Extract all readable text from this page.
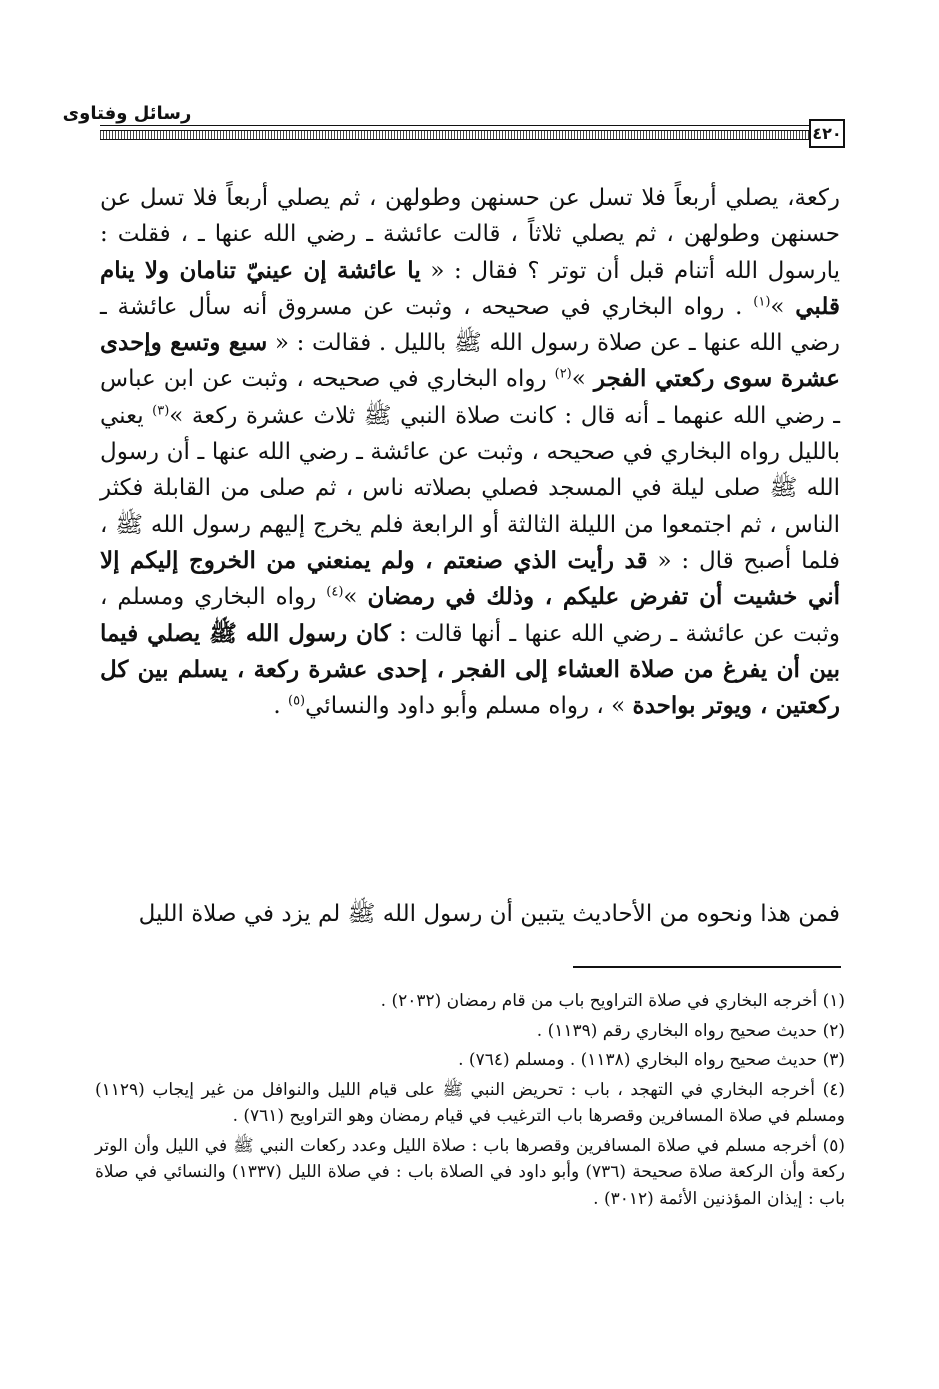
رسائل وفتاوى
٤٢٠

ركعة، يصلي أربعاً فلا تسل عن حسنهن وطولهن ، ثم يصلي أربعاً فلا تسل عن حسنهن وطولهن ، ثم يصلي ثلاثاً ، قالت عائشة ـ رضي الله عنها ـ ، فقلت : يارسول الله أتنام قبل أن توتر ؟ فقال : « يا عائشة إن عينيّ تنامان ولا ينام قلبي »$^{(١)}$ . رواه البخاري في صحيحه ، وثبت عن مسروق أنه سأل عائشة ـ رضي الله عنها ـ عن صلاة رسول الله ﷺ بالليل . فقالت : « سبع وتسع وإحدى عشرة سوى ركعتي الفجر »$^{(٢)}$ رواه البخاري في صحيحه ، وثبت عن ابن عباس ـ رضي الله عنهما ـ أنه قال : كانت صلاة النبي ﷺ ثلاث عشرة ركعة »$^{(٣)}$ يعني بالليل رواه البخاري في صحيحه ، وثبت عن عائشة ـ رضي الله عنها ـ أن رسول الله ﷺ صلى ليلة في المسجد فصلي بصلاته ناس ، ثم صلى من القابلة فكثر الناس ، ثم اجتمعوا من الليلة الثالثة أو الرابعة فلم يخرج إليهم رسول الله ﷺ ، فلما أصبح قال : « قد رأيت الذي صنعتم ، ولم يمنعني من الخروج إليكم إلا أني خشيت أن تفرض عليكم ، وذلك في رمضان »$^{(٤)}$ رواه البخاري ومسلم ، وثبت عن عائشة ـ رضي الله عنها ـ أنها قالت : كان رسول الله ﷺ يصلي فيما بين أن يفرغ من صلاة العشاء إلى الفجر ، إحدى عشرة ركعة ، يسلم بين كل ركعتين ، ويوتر بواحدة » ، رواه مسلم وأبو داود والنسائي$^{(٥)}$ .

فمن هذا ونحوه من الأحاديث يتبين أن رسول الله ﷺ لم يزد في صلاة الليل

(١) أخرجه البخاري في صلاة التراويح باب من قام رمضان (٢٠٣٢) .

(٢) حديث صحيح رواه البخاري رقم (١١٣٩) .

(٣) حديث صحيح رواه البخاري (١١٣٨) . ومسلم (٧٦٤) .

(٤) أخرجه البخاري في التهجد ، باب : تحريض النبي ﷺ على قيام الليل والنوافل من غير إيجاب (١١٢٩) ومسلم في صلاة المسافرين وقصرها باب الترغيب في قيام رمضان وهو التراويح (٧٦١) .

(٥) أخرجه مسلم في صلاة المسافرين وقصرها باب : صلاة الليل وعدد ركعات النبي ﷺ في الليل وأن الوتر ركعة وأن الركعة صلاة صحيحة (٧٣٦) وأبو داود في الصلاة باب : في صلاة الليل (١٣٣٧) والنسائي في صلاة باب : إيذان المؤذنين الأئمة (٣٠١٢) .
